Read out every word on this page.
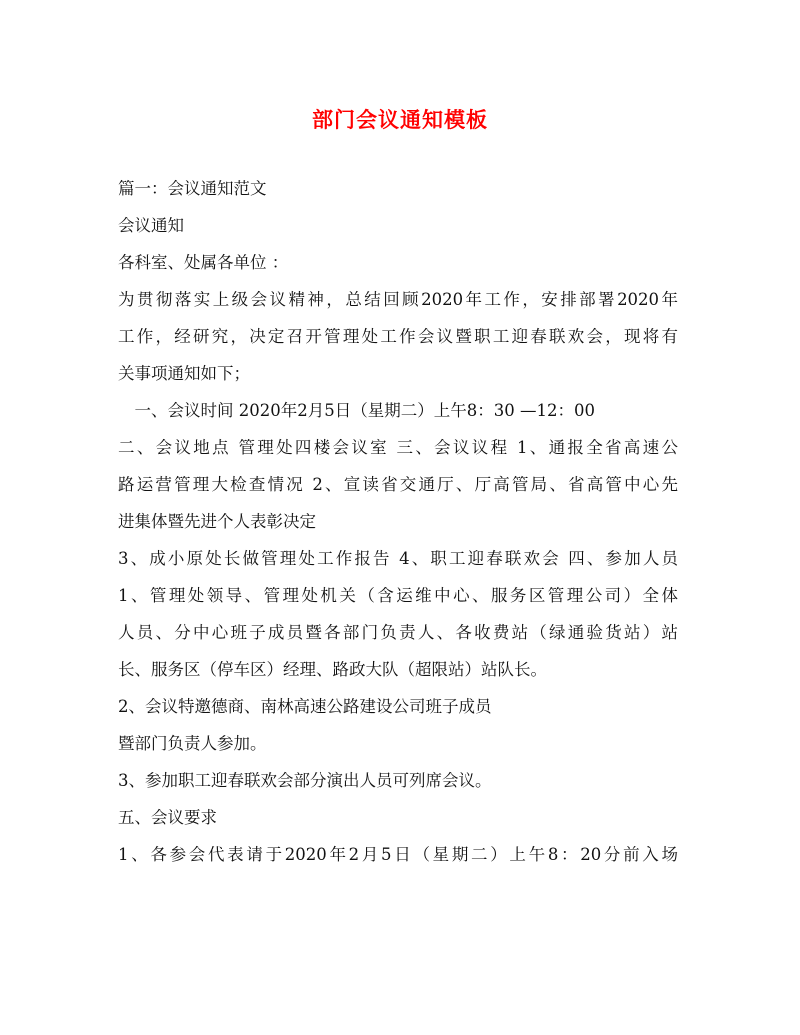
部门会议通知模板
篇一：会议通知范文
会议通知
各科室、处属各单位 ：
为贯彻落实上级会议精神，总结回顾2020年工作，安排部署2020年
工作，经研究，决定召开管理处工作会议暨职工迎春联欢会，现将有
关事项通知如下；
　一、会议时间 2020年2月5日（星期二）上午8：30 —12：00
二、会议地点 管理处四楼会议室 三、会议议程 1、通报全省高速公
路运营管理大检查情况 2、宣读省交通厅、厅高管局、省高管中心先
进集体暨先进个人表彰决定
3、成小原处长做管理处工作报告 4、职工迎春联欢会 四、参加人员
1、管理处领导、管理处机关（含运维中心、服务区管理公司）全体
人员、分中心班子成员暨各部门负责人、各收费站（绿通验货站）站
长、服务区（停车区）经理、路政大队（超限站）站队长。
2、会议特邀德商、南林高速公路建设公司班子成员
暨部门负责人参加。
3、参加职工迎春联欢会部分演出人员可列席会议。
五、会议要求
1、各参会代表请于2020年2月5日（星期二）上午8：20分前入场
